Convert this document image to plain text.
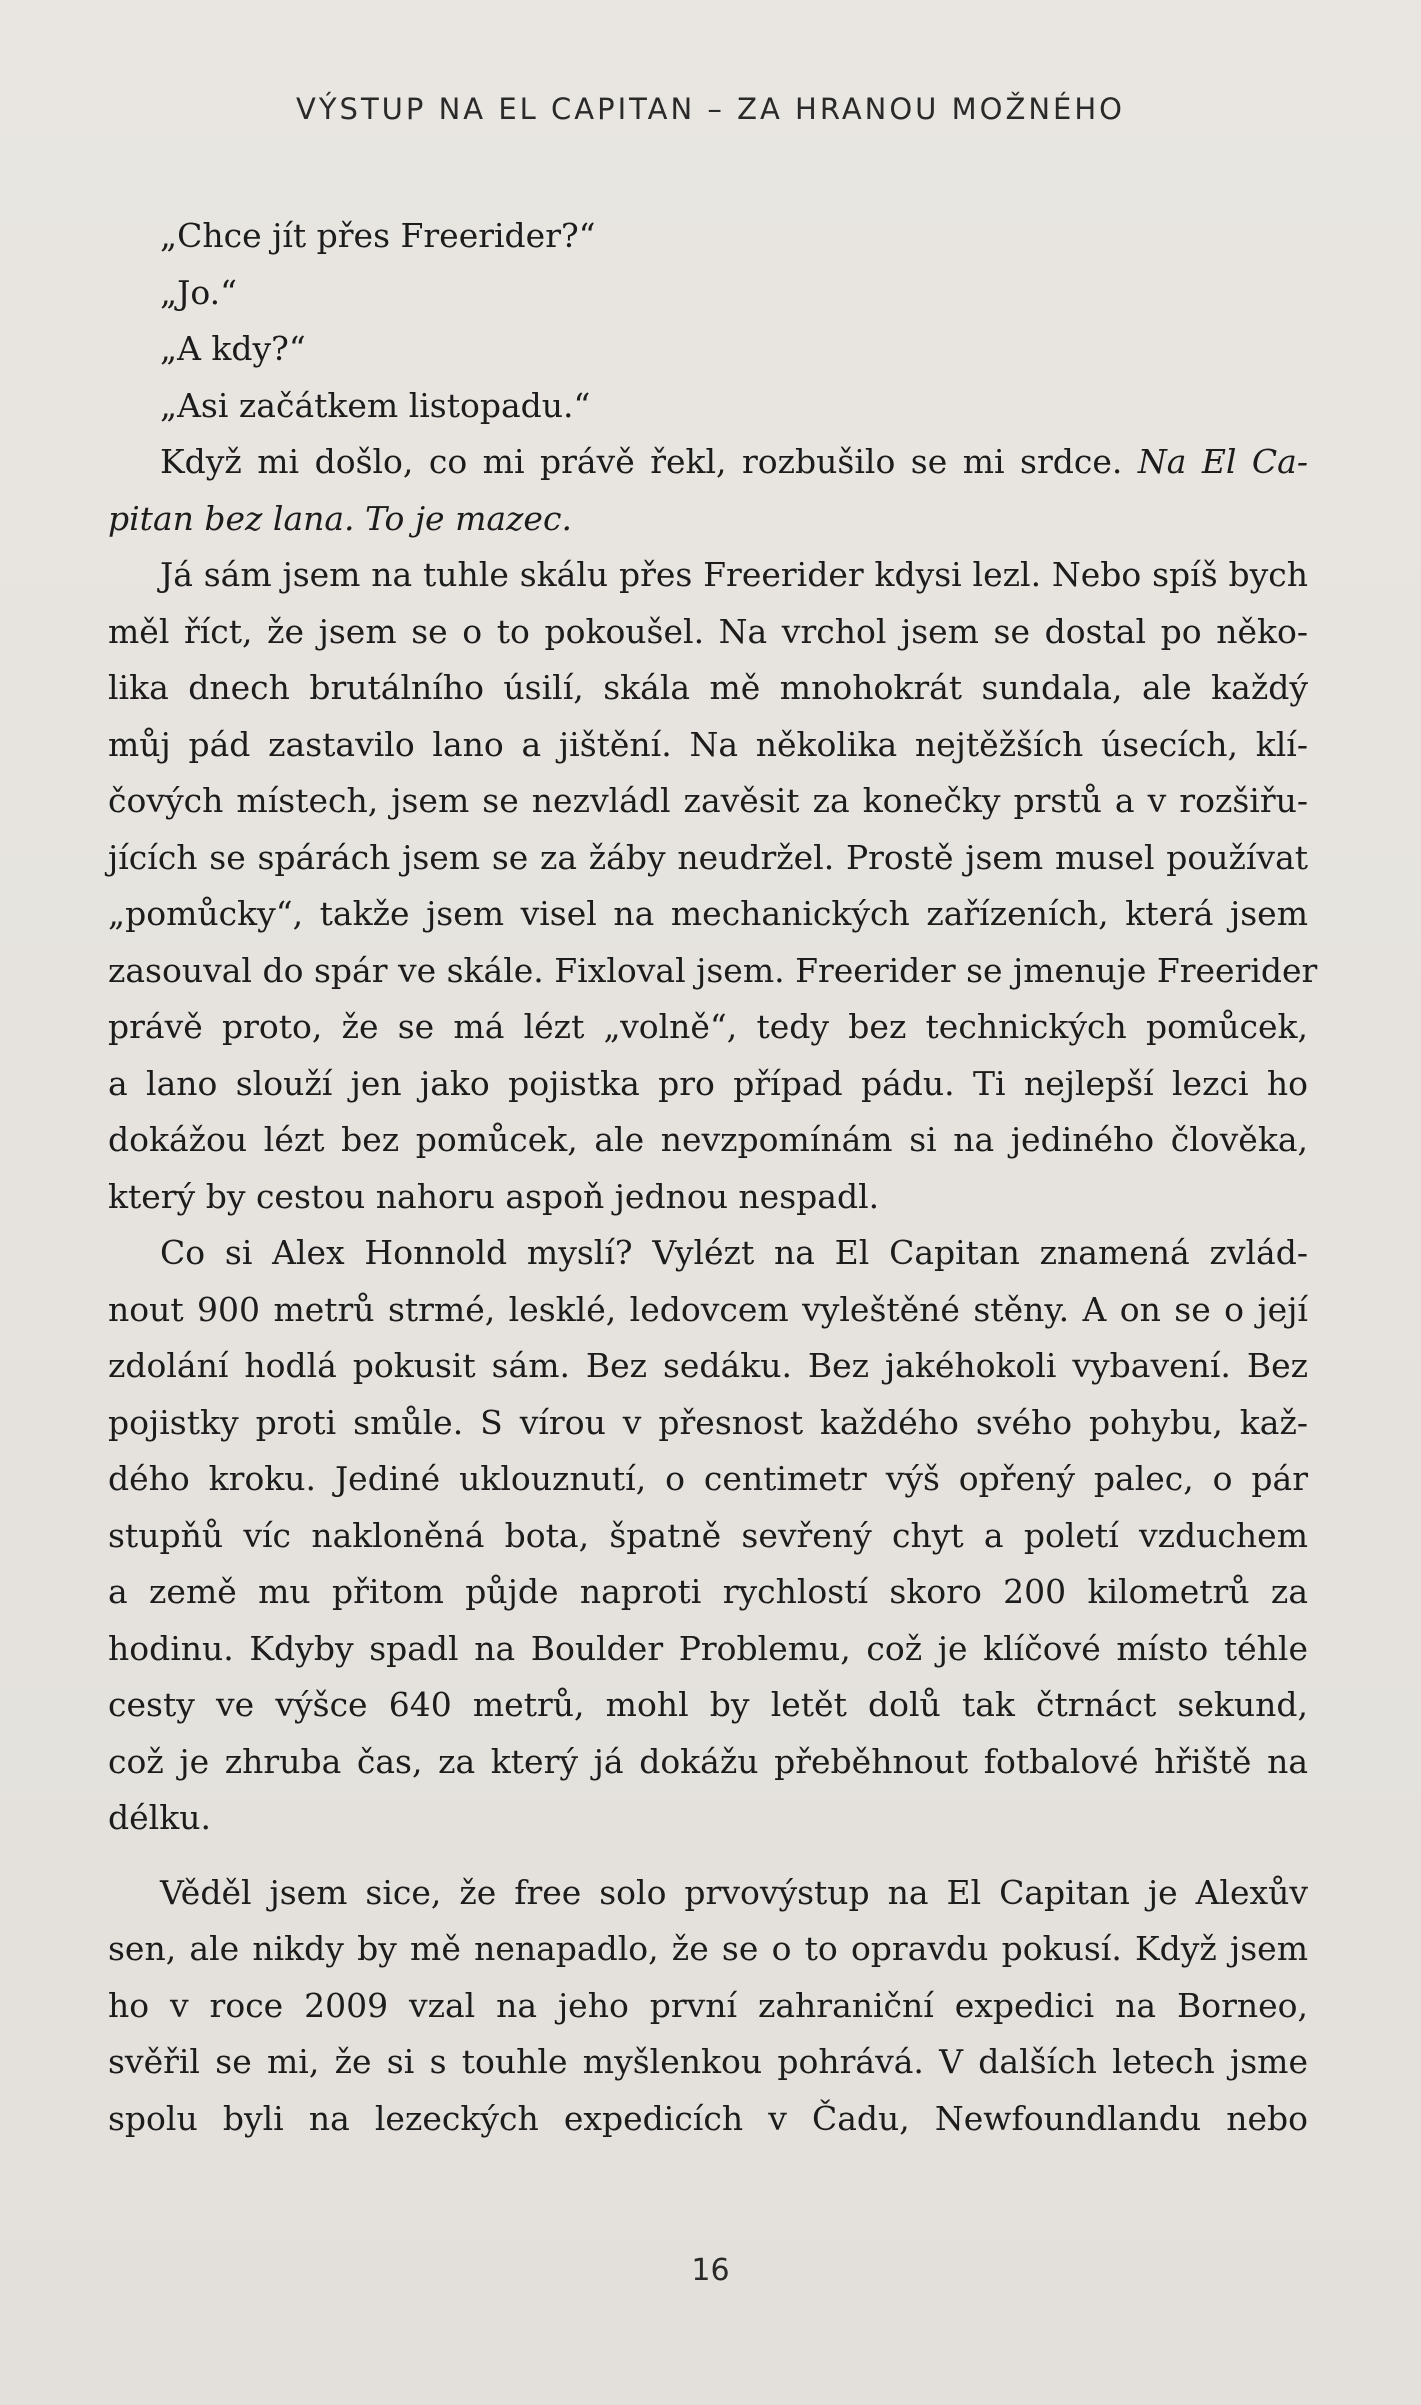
VÝSTUP NA EL CAPITAN – ZA HRANOU MOŽNÉHO
„Chce jít přes Freerider?“
„Jo.“
„A kdy?“
„Asi začátkem listopadu.“
Když mi došlo, co mi právě řekl, rozbušilo se mi srdce. Na El Ca-
pitan bez lana. To je mazec.
Já sám jsem na tuhle skálu přes Freerider kdysi lezl. Nebo spíš bych
měl říct, že jsem se o to pokoušel. Na vrchol jsem se dostal po něko-
lika dnech brutálního úsilí, skála mě mnohokrát sundala, ale každý
můj pád zastavilo lano a jištění. Na několika nejtěžších úsecích, klí-
čových místech, jsem se nezvládl zavěsit za konečky prstů a v rozšiřu-
jících se spárách jsem se za žáby neudržel. Prostě jsem musel používat
„pomůcky“, takže jsem visel na mechanických zařízeních, která jsem
zasouval do spár ve skále. Fixloval jsem. Freerider se jmenuje Freerider
právě proto, že se má lézt „volně“, tedy bez technických pomůcek,
a lano slouží jen jako pojistka pro případ pádu. Ti nejlepší lezci ho
dokážou lézt bez pomůcek, ale nevzpomínám si na jediného člověka,
který by cestou nahoru aspoň jednou nespadl.
Co si Alex Honnold myslí? Vylézt na El Capitan znamená zvlád-
nout 900 metrů strmé, lesklé, ledovcem vyleštěné stěny. A on se o její
zdolání hodlá pokusit sám. Bez sedáku. Bez jakéhokoli vybavení. Bez
pojistky proti smůle. S vírou v přesnost každého svého pohybu, kaž-
dého kroku. Jediné uklouznutí, o centimetr výš opřený palec, o pár
stupňů víc nakloněná bota, špatně sevřený chyt a poletí vzduchem
a země mu přitom půjde naproti rychlostí skoro 200 kilometrů za
hodinu. Kdyby spadl na Boulder Problemu, což je klíčové místo téhle
cesty ve výšce 640 metrů, mohl by letět dolů tak čtrnáct sekund,
což je zhruba čas, za který já dokážu přeběhnout fotbalové hřiště na
délku.
Věděl jsem sice, že free solo prvovýstup na El Capitan je Alexův
sen, ale nikdy by mě nenapadlo, že se o to opravdu pokusí. Když jsem
ho v roce 2009 vzal na jeho první zahraniční expedici na Borneo,
svěřil se mi, že si s touhle myšlenkou pohrává. V dalších letech jsme
spolu byli na lezeckých expedicích v Čadu, Newfoundlandu nebo
16
